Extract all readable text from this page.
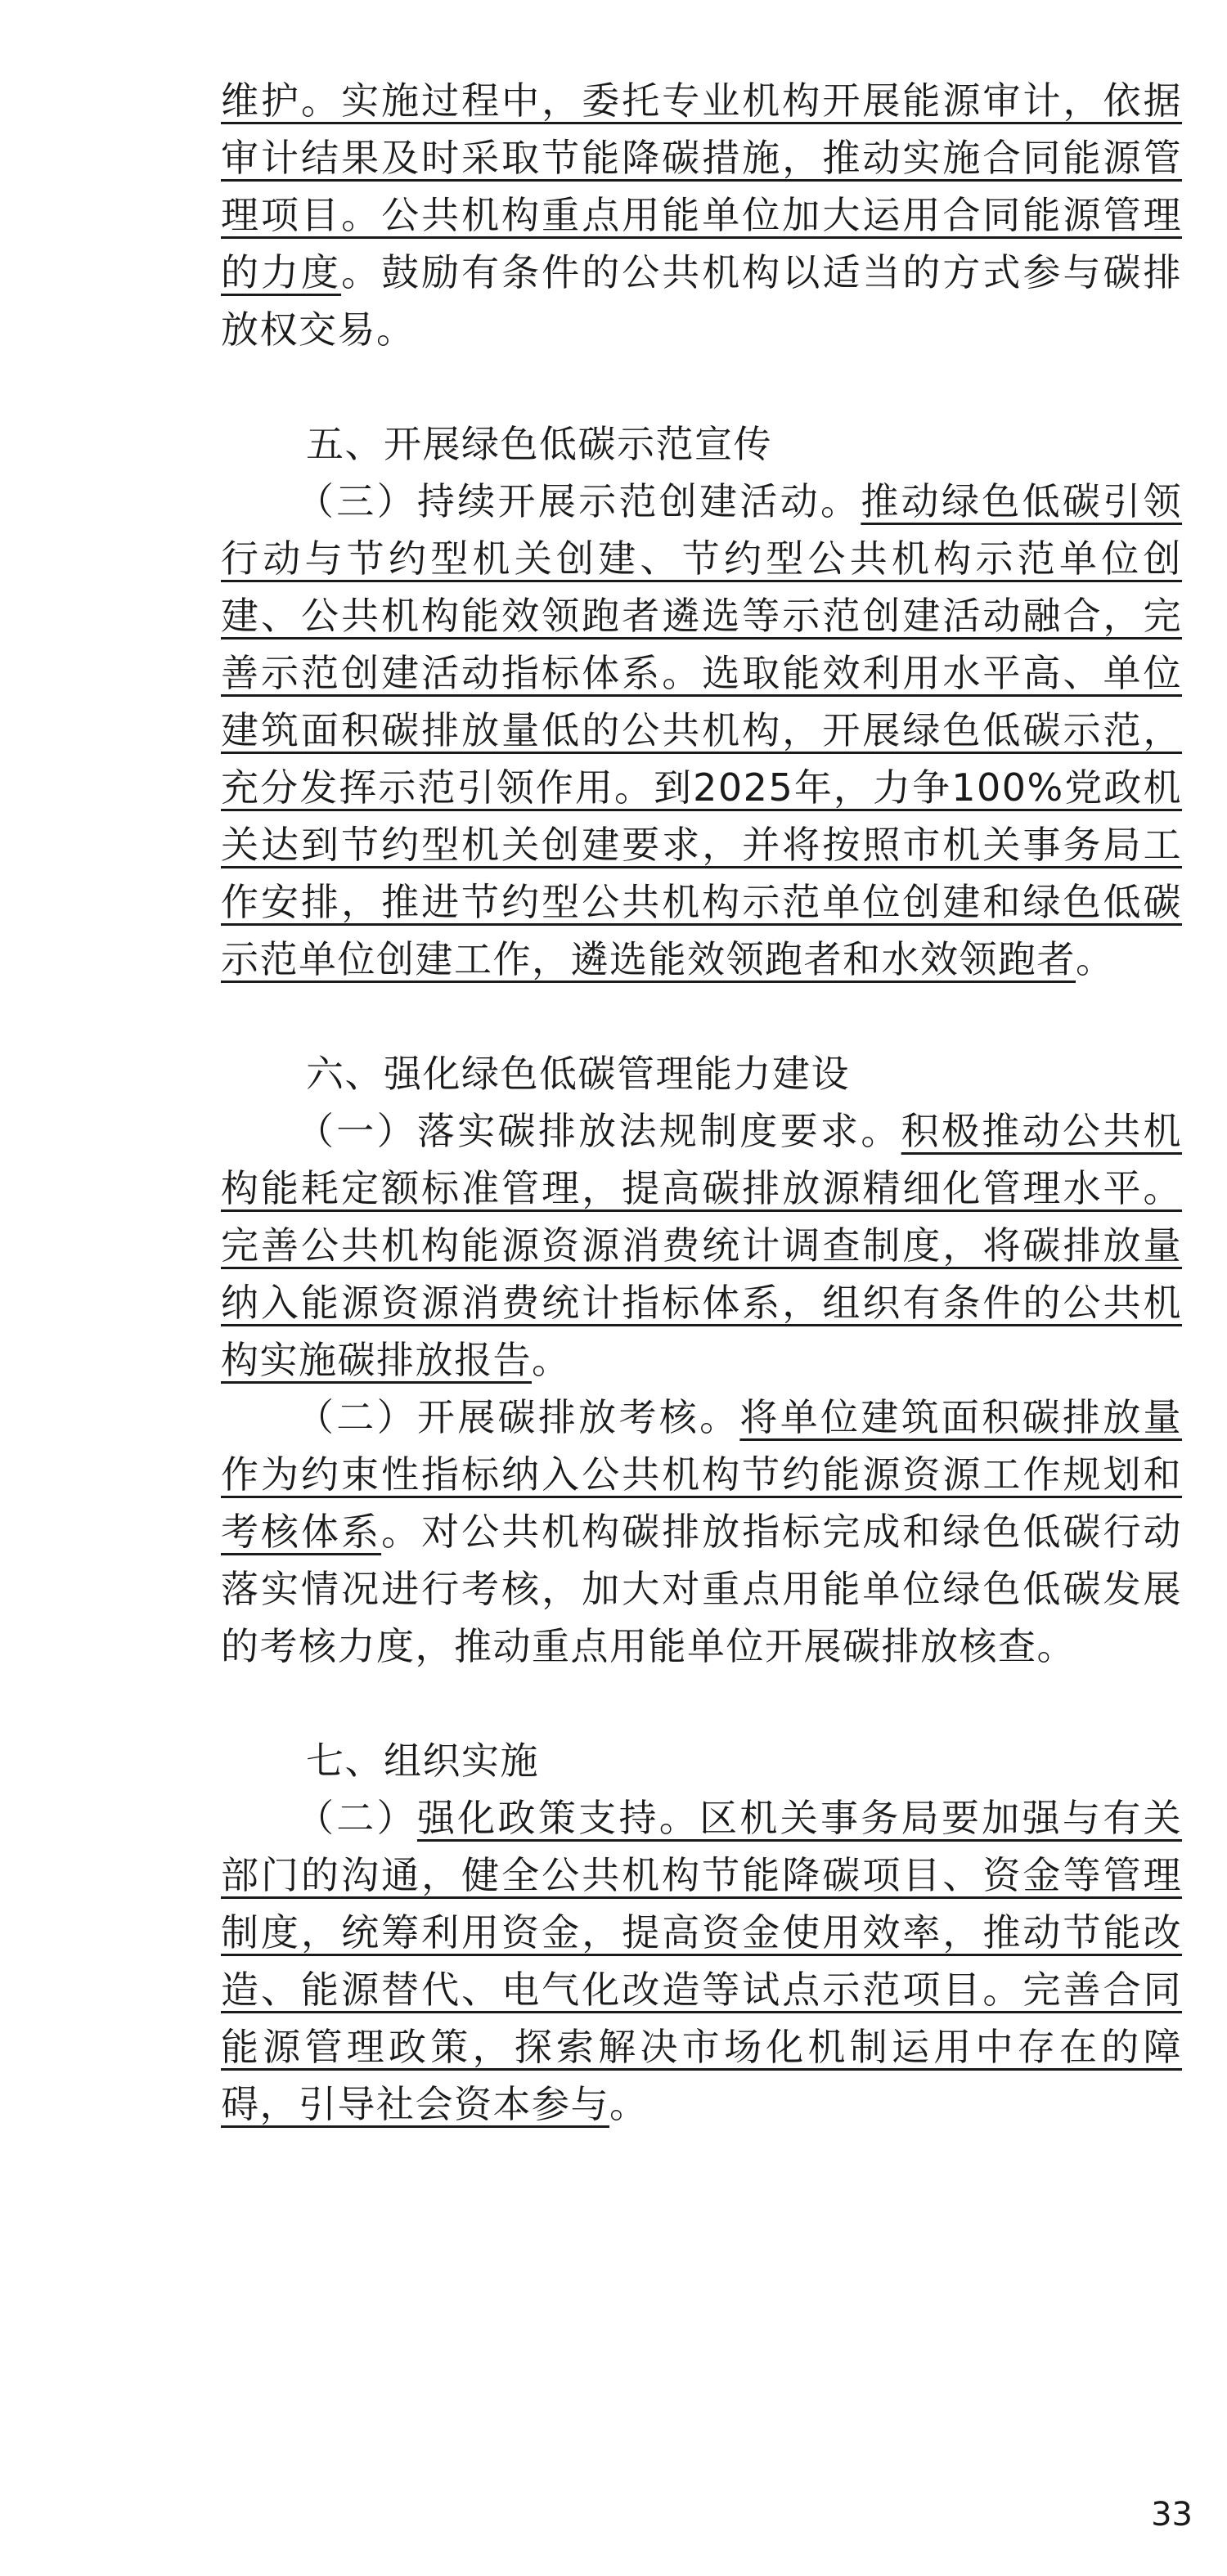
维护。实施过程中，委托专业机构开展能源审计，依据审计结果及时采取节能降碳措施，推动实施合同能源管理项目。公共机构重点用能单位加大运用合同能源管理的力度。鼓励有条件的公共机构以适当的方式参与碳排放权交易。

五、开展绿色低碳示范宣传

（三）持续开展示范创建活动。推动绿色低碳引领行动与节约型机关创建、节约型公共机构示范单位创建、公共机构能效领跑者遴选等示范创建活动融合，完善示范创建活动指标体系。选取能效利用水平高、单位建筑面积碳排放量低的公共机构，开展绿色低碳示范，充分发挥示范引领作用。到2025年，力争100%党政机关达到节约型机关创建要求，并将按照市机关事务局工作安排，推进节约型公共机构示范单位创建和绿色低碳示范单位创建工作，遴选能效领跑者和水效领跑者。

六、强化绿色低碳管理能力建设

（一）落实碳排放法规制度要求。积极推动公共机构能耗定额标准管理，提高碳排放源精细化管理水平。完善公共机构能源资源消费统计调查制度，将碳排放量纳入能源资源消费统计指标体系，组织有条件的公共机构实施碳排放报告。

（二）开展碳排放考核。将单位建筑面积碳排放量作为约束性指标纳入公共机构节约能源资源工作规划和考核体系。对公共机构碳排放指标完成和绿色低碳行动落实情况进行考核，加大对重点用能单位绿色低碳发展的考核力度，推动重点用能单位开展碳排放核查。

七、组织实施

（二）强化政策支持。区机关事务局要加强与有关部门的沟通，健全公共机构节能降碳项目、资金等管理制度，统筹利用资金，提高资金使用效率，推动节能改造、能源替代、电气化改造等试点示范项目。完善合同能源管理政策，探索解决市场化机制运用中存在的障碍，引导社会资本参与。

33
